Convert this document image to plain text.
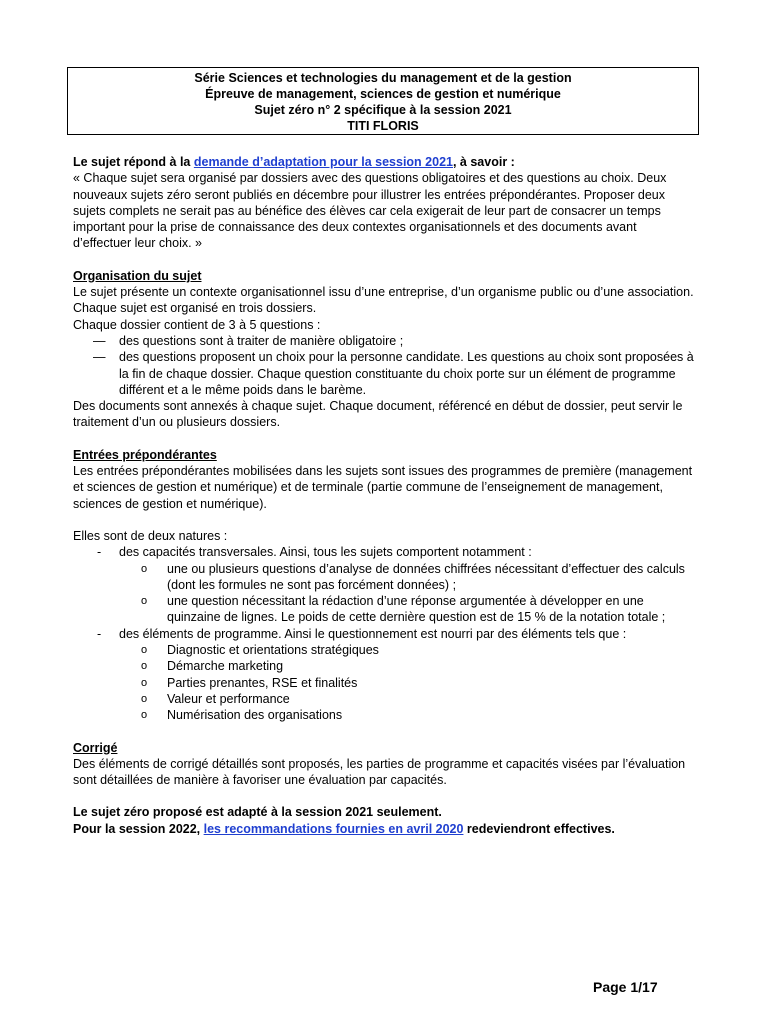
Série Sciences et technologies du management et de la gestion
Épreuve de management, sciences de gestion et numérique
Sujet zéro n° 2 spécifique à la session 2021
TITI FLORIS

Le sujet répond à la demande d’adaptation pour la session 2021, à savoir :

« Chaque sujet sera organisé par dossiers avec des questions obligatoires et des questions au choix. Deux nouveaux sujets zéro seront publiés en décembre pour illustrer les entrées prépondérantes. Proposer deux sujets complets ne serait pas au bénéfice des élèves car cela exigerait de leur part de consacrer un temps important pour la prise de connaissance des deux contextes organisationnels et des documents avant d’effectuer leur choix. »

Organisation du sujet

Le sujet présente un contexte organisationnel issu d’une entreprise, d’un organisme public ou d’une association.

Chaque sujet est organisé en trois dossiers.

Chaque dossier contient de 3 à 5 questions :

— des questions sont à traiter de manière obligatoire ;
— des questions proposent un choix pour la personne candidate. Les questions au choix sont proposées à la fin de chaque dossier. Chaque question constituante du choix porte sur un élément de programme différent et a le même poids dans le barème.

Des documents sont annexés à chaque sujet. Chaque document, référencé en début de dossier, peut servir le traitement d’un ou plusieurs dossiers.

Entrées prépondérantes

Les entrées prépondérantes mobilisées dans les sujets sont issues des programmes de première (management et sciences de gestion et numérique) et de terminale (partie commune de l’enseignement de management, sciences de gestion et numérique).

Elles sont de deux natures :

- des capacités transversales. Ainsi, tous les sujets comportent notamment :
o une ou plusieurs questions d’analyse de données chiffrées nécessitant d’effectuer des calculs (dont les formules ne sont pas forcément données) ;
o une question nécessitant la rédaction d’une réponse argumentée à développer en une quinzaine de lignes. Le poids de cette dernière question est de 15 % de la notation totale ;
- des éléments de programme. Ainsi le questionnement est nourri par des éléments tels que :
o Diagnostic et orientations stratégiques
o Démarche marketing
o Parties prenantes, RSE et finalités
o Valeur et performance
o Numérisation des organisations

Corrigé

Des éléments de corrigé détaillés sont proposés, les parties de programme et capacités visées par l’évaluation sont détaillées de manière à favoriser une évaluation par capacités.

Le sujet zéro proposé est adapté à la session 2021 seulement.

Pour la session 2022, les recommandations fournies en avril 2020 redeviendront effectives.

Page 1/17
